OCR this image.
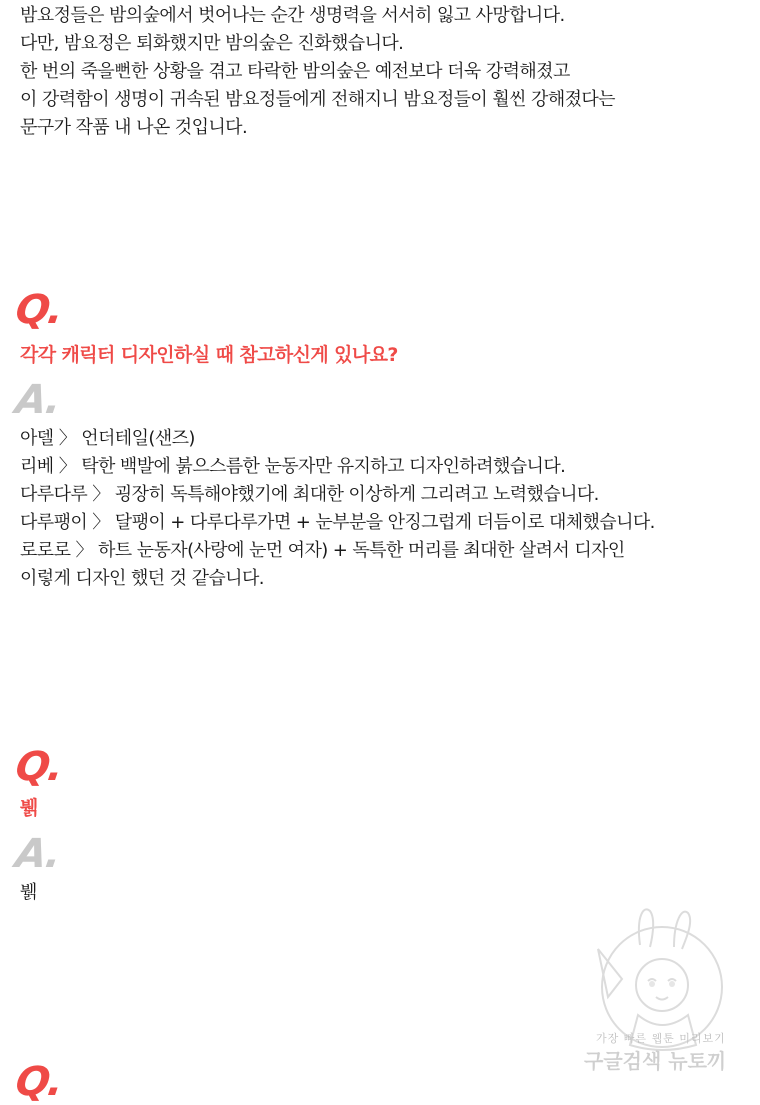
밤요정들은 밤의숲에서 벗어나는 순간 생명력을 서서히 잃고 사망합니다.
다만, 밤요정은 퇴화했지만 밤의숲은 진화했습니다.
한 번의 죽을뻔한 상황을 겪고 타락한 밤의숲은 예전보다 더욱 강력해졌고
이 강력함이 생명이 귀속된 밤요정들에게 전해지니 밤요정들이 훨씬 강해졌다는
문구가 작품 내 나온 것입니다.
Q.
각각 캐릭터 디자인하실 때 참고하신게 있나요?
A.
아델 〉 언더테일(샌즈)
리베 〉 탁한 백발에 붉으스름한 눈동자만 유지하고 디자인하려했습니다.
다루다루 〉 굉장히 독특해야했기에 최대한 이상하게 그리려고 노력했습니다.
다루팽이 〉 달팽이 + 다루다루가면 + 눈부분을 안징그럽게 더듬이로 대체했습니다.
로로로 〉 하트 눈동자(사랑에 눈먼 여자) + 독특한 머리를 최대한 살려서 디자인
이렇게 디자인 했던 것 같습니다.
Q.
뷁
A.
뷁
Q.
가장 빠른 웹툰 미리보기
구글검색 뉴토끼
